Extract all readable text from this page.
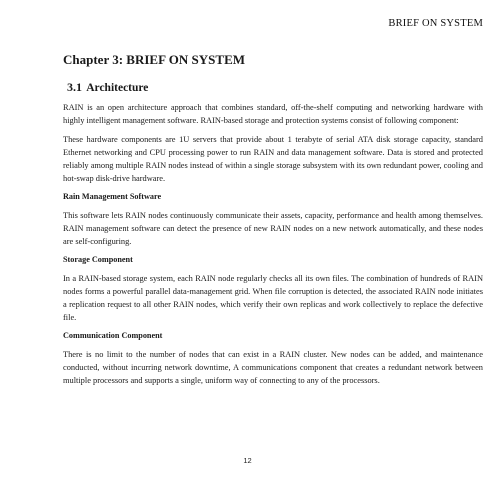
BRIEF ON SYSTEM
Chapter 3: BRIEF ON SYSTEM
3.1 Architecture

RAIN is an open architecture approach that combines standard, off-the-shelf computing and networking hardware with highly intelligent management software. RAIN-based storage and protection systems consist of following component:

These hardware components are 1U servers that provide about 1 terabyte of serial ATA disk storage capacity, standard Ethernet networking and CPU processing power to run RAIN and data management software. Data is stored and protected reliably among multiple RAIN nodes instead of within a single storage subsystem with its own redundant power, cooling and hot-swap disk-drive hardware.

Rain Management Software

This software lets RAIN nodes continuously communicate their assets, capacity, performance and health among themselves. RAIN management software can detect the presence of new RAIN nodes on a new network automatically, and these nodes are self-configuring.

Storage Component

In a RAIN-based storage system, each RAIN node regularly checks all its own files. The combination of hundreds of RAIN nodes forms a powerful parallel data-management grid. When file corruption is detected, the associated RAIN node initiates a replication request to all other RAIN nodes, which verify their own replicas and work collectively to replace the defective file.

Communication Component

There is no limit to the number of nodes that can exist in a RAIN cluster. New nodes can be added, and maintenance conducted, without incurring network downtime, A communications component that creates a redundant network between multiple processors and supports a single, uniform way of connecting to any of the processors.

12
